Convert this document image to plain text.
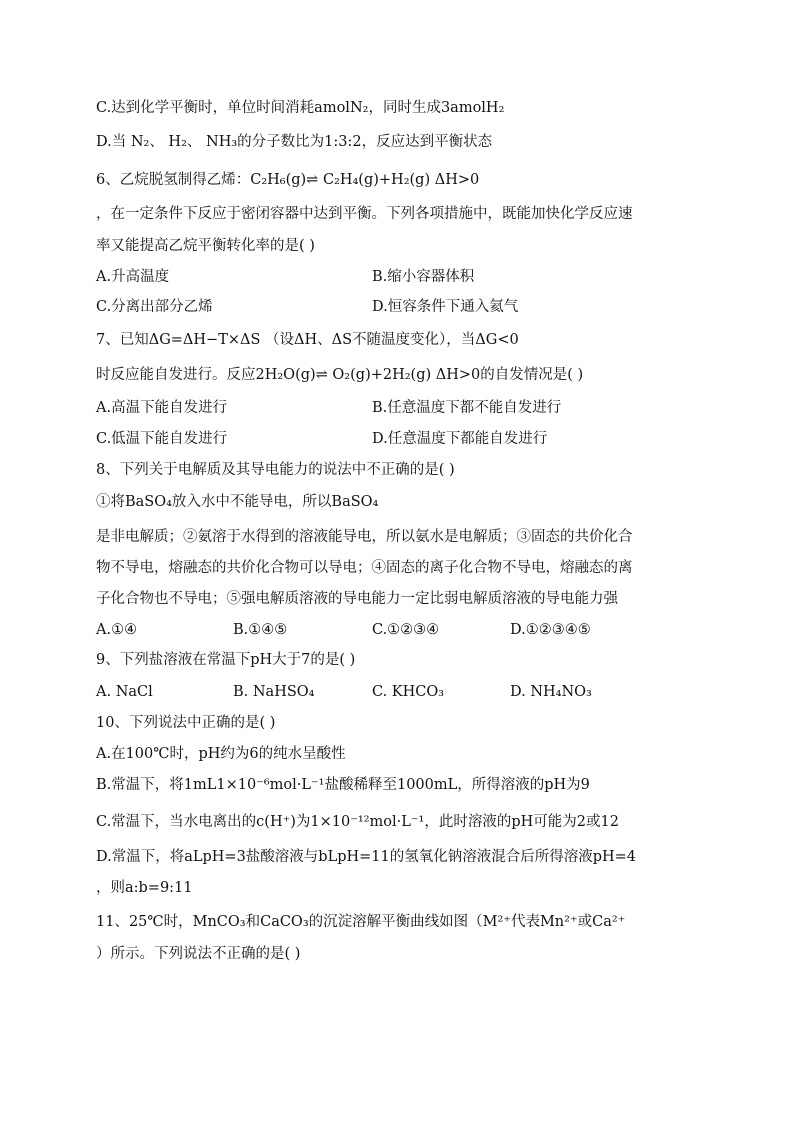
C.达到化学平衡时，单位时间消耗amolN₂，同时生成3amolH₂
D.当 N₂、 H₂、 NH₃的分子数比为1:3:2，反应达到平衡状态
6、乙烷脱氢制得乙烯：C₂H₆(g)⇌ C₂H₄(g)+H₂(g) ΔH>0
，在一定条件下反应于密闭容器中达到平衡。下列各项措施中，既能加快化学反应速
率又能提高乙烷平衡转化率的是( )
A.升高温度	B.缩小容器体积
C.分离出部分乙烯	D.恒容条件下通入氦气
7、已知ΔG=ΔH−T×ΔS （设ΔH、ΔS不随温度变化），当ΔG<0
时反应能自发进行。反应2H₂O(g)⇌ O₂(g)+2H₂(g) ΔH>0的自发情况是( )
A.高温下能自发进行	B.任意温度下都不能自发进行
C.低温下能自发进行	D.任意温度下都能自发进行
8、下列关于电解质及其导电能力的说法中不正确的是( )
①将BaSO₄放入水中不能导电，所以BaSO₄
是非电解质；②氨溶于水得到的溶液能导电，所以氨水是电解质；③固态的共价化合
物不导电，熔融态的共价化合物可以导电；④固态的离子化合物不导电，熔融态的离
子化合物也不导电；⑤强电解质溶液的导电能力一定比弱电解质溶液的导电能力强
A.①④	B.①④⑤	C.①②③④	D.①②③④⑤
9、下列盐溶液在常温下pH大于7的是( )
A. NaCl	B. NaHSO₄	C. KHCO₃	D. NH₄NO₃
10、下列说法中正确的是( )
A.在100℃时，pH约为6的纯水呈酸性
B.常温下，将1mL1×10⁻⁶mol·L⁻¹盐酸稀释至1000mL，所得溶液的pH为9
C.常温下，当水电离出的c(H⁺)为1×10⁻¹²mol·L⁻¹，此时溶液的pH可能为2或12
D.常温下，将aLpH=3盐酸溶液与bLpH=11的氢氧化钠溶液混合后所得溶液pH=4
，则a:b=9:11
11、25℃时，MnCO₃和CaCO₃的沉淀溶解平衡曲线如图（M²⁺代表Mn²⁺或Ca²⁺
）所示。下列说法不正确的是( )
